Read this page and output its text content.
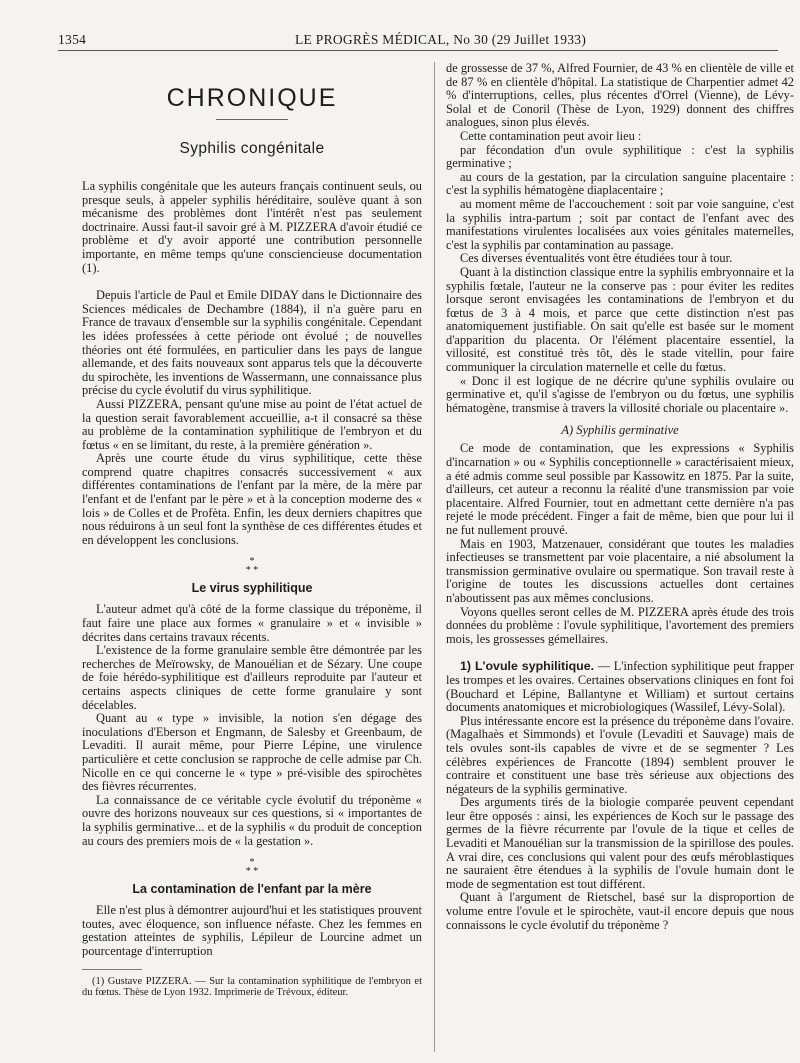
1354	LE PROGRÈS MÉDICAL, No 30 (29 Juillet 1933)
CHRONIQUE
Syphilis congénitale

La syphilis congénitale que les auteurs français continuent seuls, ou presque seuls, à appeler syphilis héréditaire, soulève quant à son mécanisme des problèmes dont l'intérêt n'est pas seulement doctrinaire. Aussi faut-il savoir gré à M. PIZZERA d'avoir étudié ce problème et d'y avoir apporté une contribution personnelle importante, en même temps qu'une consciencieuse documentation (1).

Depuis l'article de Paul et Emile DIDAY dans le Dictionnaire des Sciences médicales de Dechambre (1884), il n'a guère paru en France de travaux d'ensemble sur la syphilis congénitale. Cependant les idées professées à cette période ont évolué ; de nouvelles théories ont été formulées, en particulier dans les pays de langue allemande, et des faits nouveaux sont apparus tels que la découverte du spirochète, les inventions de Wassermann, une connaissance plus précise du cycle évolutif du virus syphilitique.

Aussi PIZZERA, pensant qu'une mise au point de l'état actuel de la question serait favorablement accueillie, a-t il consacré sa thèse au problème de la contamination syphilitique de l'embryon et du fœtus « en se limitant, du reste, à la première génération ».

Après une courte étude du virus syphilitique, cette thèse comprend quatre chapitres consacrés successivement « aux différentes contaminations de l'enfant par la mère, de la mère par l'enfant et de l'enfant par le père » et à la conception moderne des « lois » de Colles et de Profèta. Enfin, les deux derniers chapitres que nous réduirons à un seul font la synthèse de ces différentes études et en développent les conclusions.

*
* *
Le virus syphilitique

L'auteur admet qu'à côté de la forme classique du tréponème, il faut faire une place aux formes « granulaire » et « invisible » décrites dans certains travaux récents.

L'existence de la forme granulaire semble être démontrée par les recherches de Meïrowsky, de Manouélian et de Sézary. Une coupe de foie hérédo-syphilitique est d'ailleurs reproduite par l'auteur et certains aspects cliniques de cette forme granulaire y sont décelables.

Quant au « type » invisible, la notion s'en dégage des inoculations d'Eberson et Engmann, de Salesby et Greenbaum, de Levaditi. Il aurait même, pour Pierre Lépine, une virulence particulière et cette conclusion se rapproche de celle admise par Ch. Nicolle en ce qui concerne le « type » pré-visible des spirochètes des fièvres récurrentes.

La connaissance de ce véritable cycle évolutif du tréponème « ouvre des horizons nouveaux sur ces questions, si « importantes de la syphilis germinative... et de la syphilis « du produit de conception au cours des premiers mois de « la gestation ».

*
* *
La contamination de l'enfant par la mère

Elle n'est plus à démontrer aujourd'hui et les statistiques prouvent toutes, avec éloquence, son influence néfaste. Chez les femmes en gestation atteintes de syphilis, Lépileur de Lourcine admet un pourcentage d'interruption

(1) Gustave PIZZERA. — Sur la contamination syphilitique de l'embryon et du fœtus. Thèse de Lyon 1932. Imprimerie de Trévoux, éditeur.

de grossesse de 37 %, Alfred Fournier, de 43 % en clientèle de ville et de 87 % en clientèle d'hôpital. La statistique de Charpentier admet 42 % d'interruptions, celles, plus récentes d'Orrel (Vienne), de Lévy-Solal et de Conoril (Thèse de Lyon, 1929) donnent des chiffres analogues, sinon plus élevés.

Cette contamination peut avoir lieu :

par fécondation d'un ovule syphilitique : c'est la syphilis germinative ;

au cours de la gestation, par la circulation sanguine placentaire : c'est la syphilis hématogène diaplacentaire ;

au moment même de l'accouchement : soit par voie sanguine, c'est la syphilis intra-partum ; soit par contact de l'enfant avec des manifestations virulentes localisées aux voies génitales maternelles, c'est la syphilis par contamination au passage.

Ces diverses éventualités vont être étudiées tour à tour.

Quant à la distinction classique entre la syphilis embryonnaire et la syphilis fœtale, l'auteur ne la conserve pas : pour éviter les redites lorsque seront envisagées les contaminations de l'embryon et du fœtus de 3 à 4 mois, et parce que cette distinction n'est pas anatomiquement justifiable. On sait qu'elle est basée sur le moment d'apparition du placenta. Or l'élément placentaire essentiel, la villosité, est constitué très tôt, dès le stade vitellin, pour faire communiquer la circulation maternelle et celle du fœtus.

« Donc il est logique de ne décrire qu'une syphilis ovulaire ou germinative et, qu'il s'agisse de l'embryon ou du fœtus, une syphilis hématogène, transmise à travers la villosité choriale ou placentaire ».

A) Syphilis germinative

Ce mode de contamination, que les expressions « Syphilis d'incarnation » ou « Syphilis conceptionnelle » caractérisaient mieux, a été admis comme seul possible par Kassowitz en 1875. Par la suite, d'ailleurs, cet auteur a reconnu la réalité d'une transmission par voie placentaire. Alfred Fournier, tout en admettant cette dernière n'a pas rejeté le mode précédent. Finger a fait de même, bien que pour lui il ne fut nullement prouvé.

Mais en 1903, Matzenauer, considérant que toutes les maladies infectieuses se transmettent par voie placentaire, a nié absolument la transmission germinative ovulaire ou spermatique. Son travail reste à l'origine de toutes les discussions actuelles dont certaines n'aboutissent pas aux mêmes conclusions.

Voyons quelles seront celles de M. PIZZERA après étude des trois données du problème : l'ovule syphilitique, l'avortement des premiers mois, les grossesses gémellaires.

1) L'ovule syphilitique. — L'infection syphilitique peut frapper les trompes et les ovaires. Certaines observations cliniques en font foi (Bouchard et Lépine, Ballantyne et William) et surtout certains documents anatomiques et microbiologiques (Wassilef, Lévy-Solal).

Plus intéressante encore est la présence du tréponème dans l'ovaire. (Magalhaès et Simmonds) et l'ovule (Levaditi et Sauvage) mais de tels ovules sont-ils capables de vivre et de se segmenter ? Les célèbres expériences de Francotte (1894) semblent prouver le contraire et constituent une base très sérieuse aux objections des négateurs de la syphilis germinative.

Des arguments tirés de la biologie comparée peuvent cependant leur être opposés : ainsi, les expériences de Koch sur le passage des germes de la fièvre récurrente par l'ovule de la tique et celles de Levaditi et Manouélian sur la transmission de la spirillose des poules. A vrai dire, ces conclusions qui valent pour des œufs méroblastiques ne sauraient être étendues à la syphilis de l'ovule humain dont le mode de segmentation est tout différent.

Quant à l'argument de Rietschel, basé sur la disproportion de volume entre l'ovule et le spirochète, vaut-il encore depuis que nous connaissons le cycle évolutif du tréponème ?
